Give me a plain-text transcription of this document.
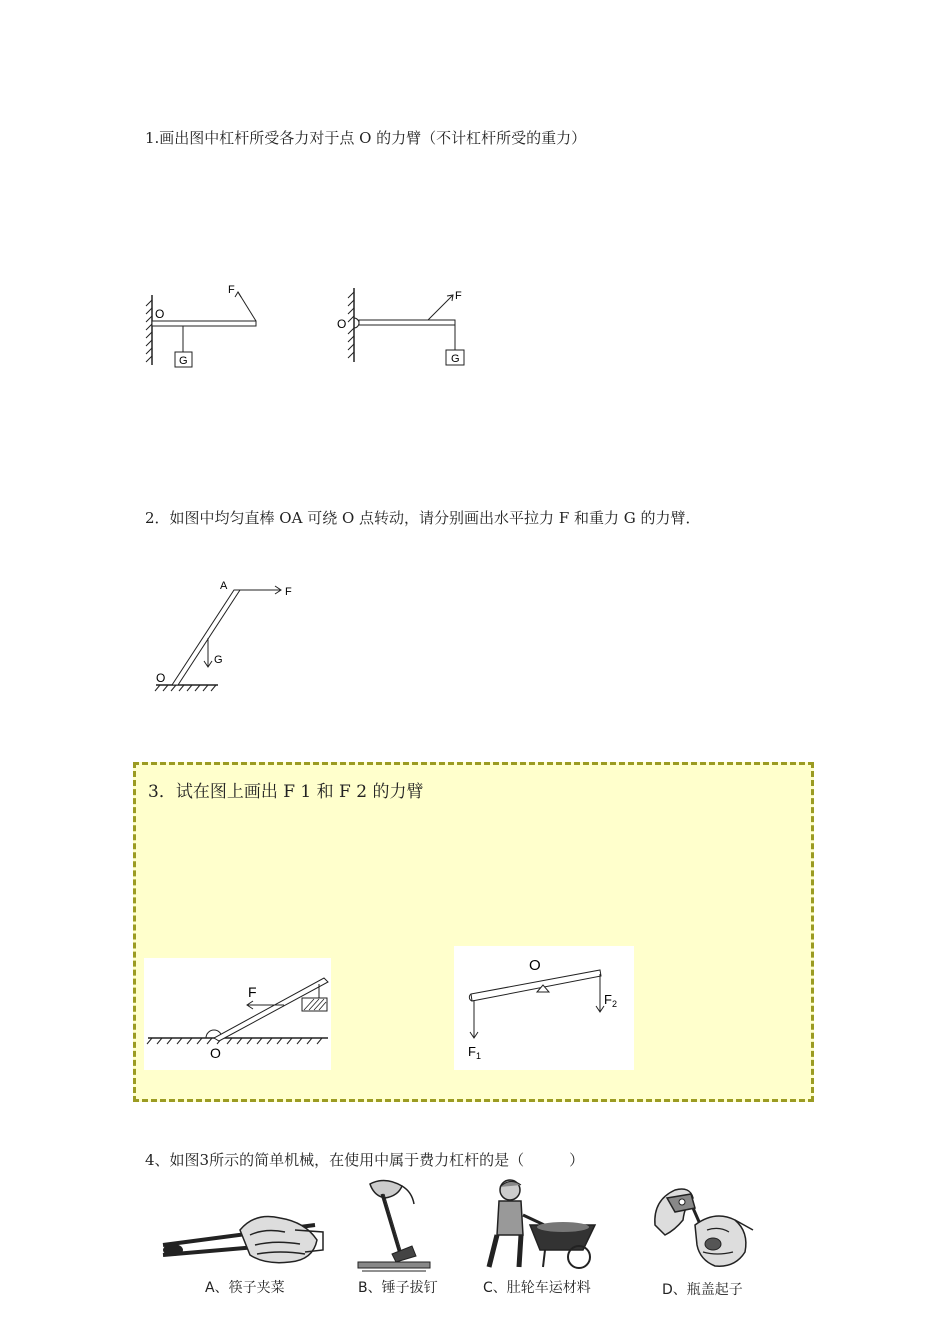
1.画出图中杠杆所受各力对于点 O 的力臂（不计杠杆所受的重力）
F
O
G
O
F
G
2．如图中均匀直棒 OA 可绕 O 点转动，请分别画出水平拉力 F 和重力 G 的力臂．
O
A	F
G
3．试在图上画出 F 1 和 F 2 的力臂
F
O
O
$F_1$
$F_2$
4、如图3所示的简单机械，在使用中属于费力杠杆的是（　　　）
A、筷子夹菜	B、锤子拔钉	C、肚轮车运材料	D、瓶盖起子
